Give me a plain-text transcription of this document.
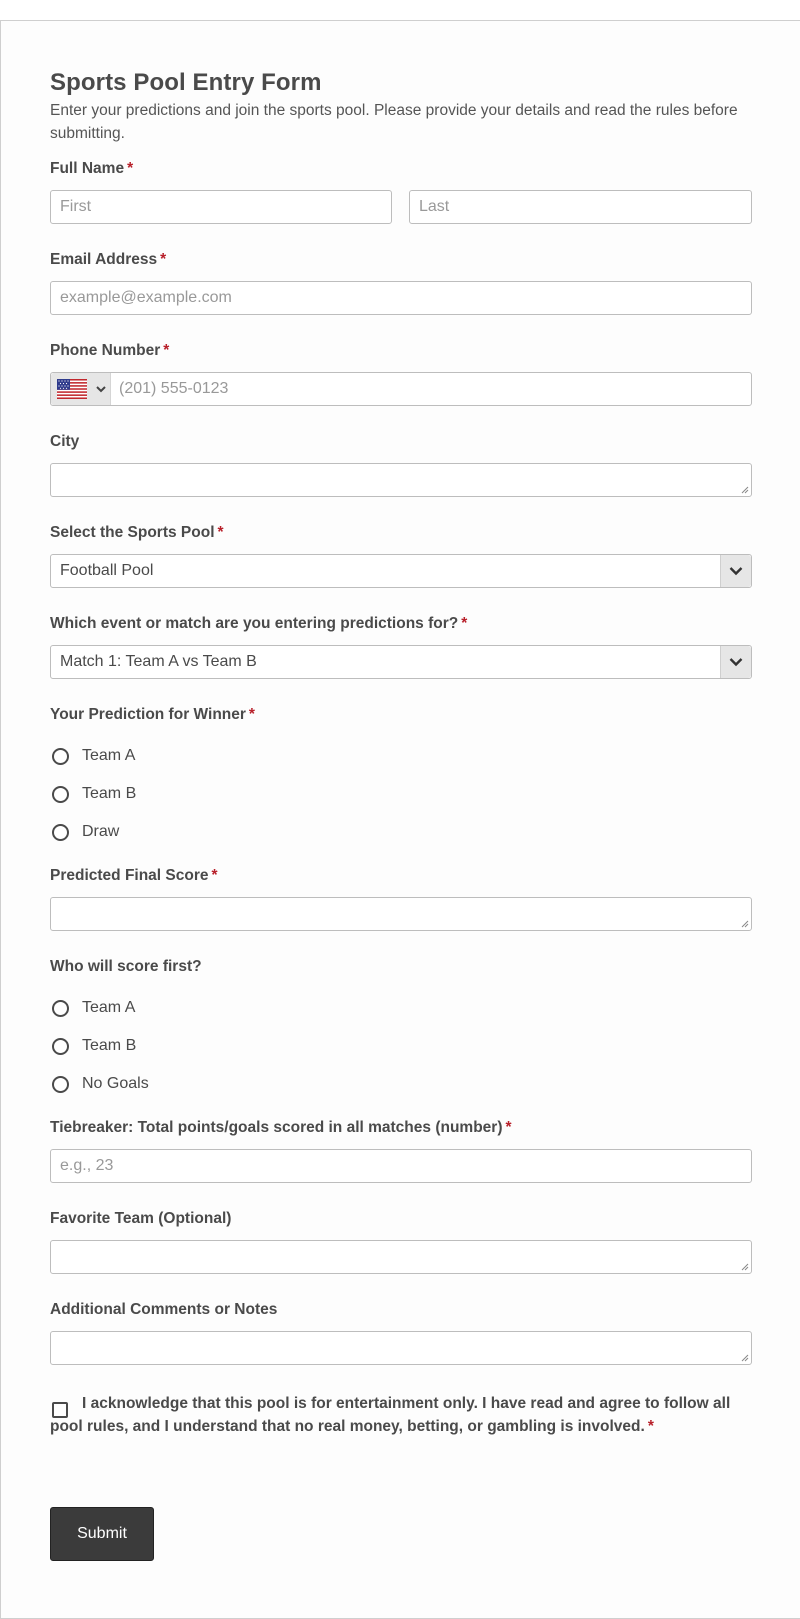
Sports Pool Entry Form
Enter your predictions and join the sports pool. Please provide your details and read the rules before submitting.
Full Name *
First	Last
Email Address *
example@example.com
Phone Number *
(201) 555-0123
City
Select the Sports Pool *
Football Pool
Which event or match are you entering predictions for? *
Match 1: Team A vs Team B
Your Prediction for Winner *
Team A
Team B
Draw
Predicted Final Score *
Who will score first?
Team A
Team B
No Goals
Tiebreaker: Total points/goals scored in all matches (number) *
e.g., 23
Favorite Team (Optional)
Additional Comments or Notes
I acknowledge that this pool is for entertainment only. I have read and agree to follow all pool rules, and I understand that no real money, betting, or gambling is involved. *
Submit
